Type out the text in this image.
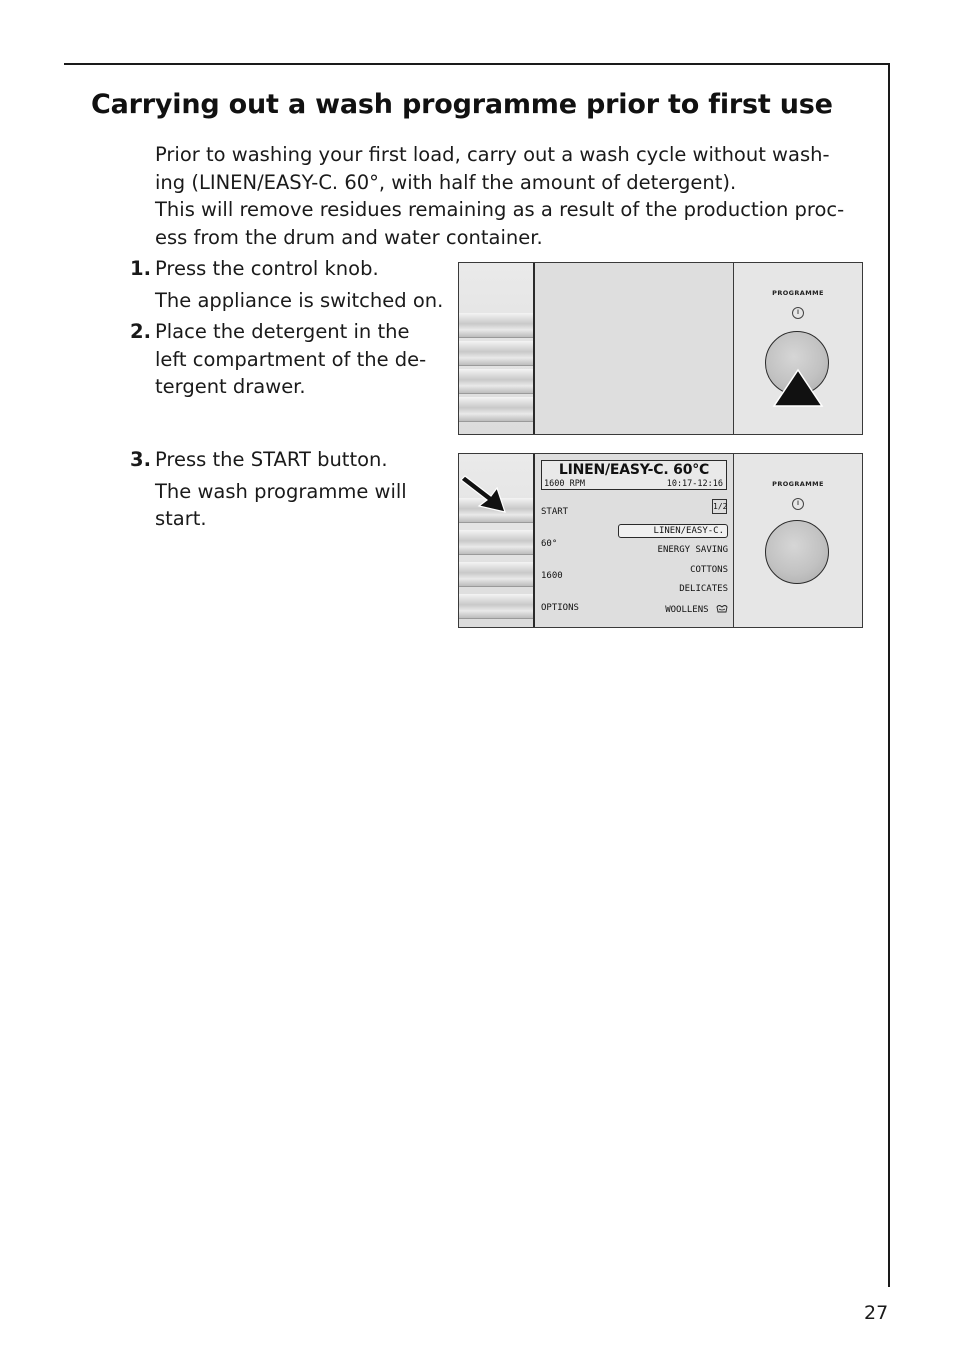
Carrying out a wash programme prior to first use

Prior to washing your first load, carry out a wash cycle without wash-

ing (LINEN/EASY-C. 60°, with half the amount of detergent).

This will remove residues remaining as a result of the production proc-

ess from the drum and water container.

1. Press the control knob.

The appliance is switched on.

2. Place the detergent in the

left compartment of the de-

tergent drawer.

3. Press the START button.

The wash programme will

start.

PROGRAMME
LINEN/EASY-C. 60°C
1600 RPM	10:17-12:16
1/2
START
60°
1600
OPTIONS
LINEN/EASY-C.
ENERGY SAVING
COTTONS
DELICATES
WOOLLENS
PROGRAMME
27
